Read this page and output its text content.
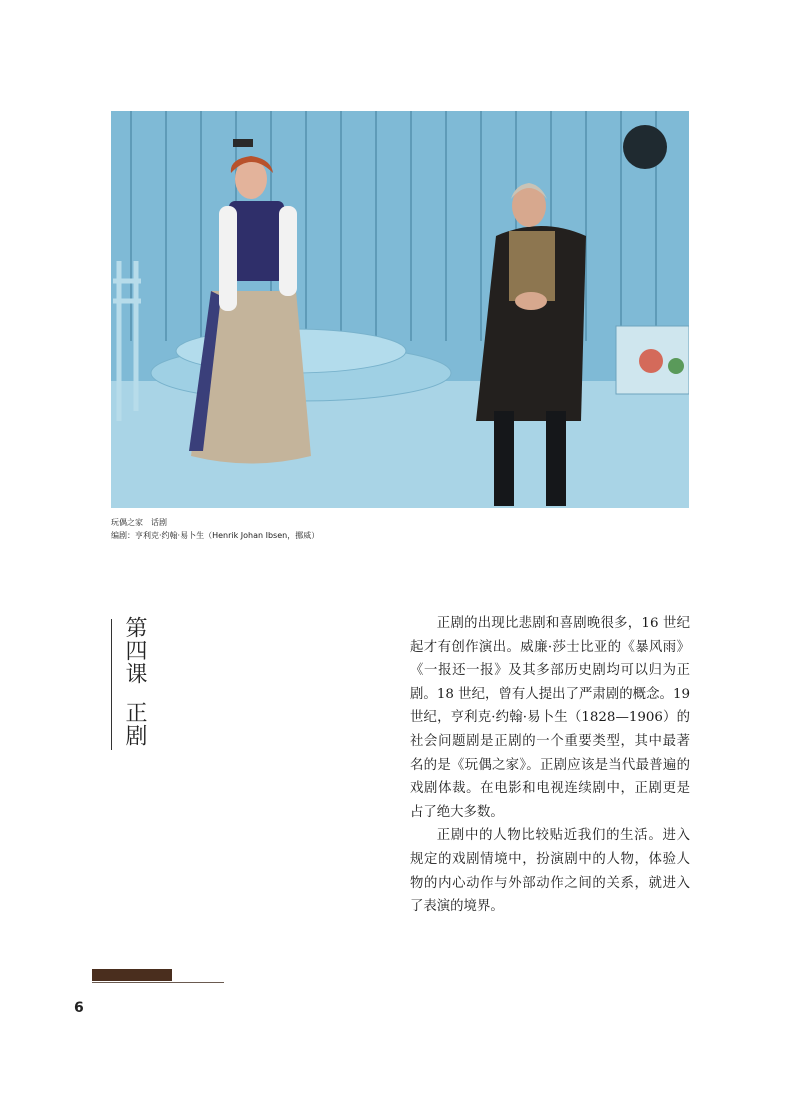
玩偶之家　话剧
编剧：亨利克·约翰·易卜生（Henrik Johan Ibsen，挪威）
第四课正剧

正剧的出现比悲剧和喜剧晚很多，16 世纪起才有创作演出。威廉·莎士比亚的《暴风雨》《一报还一报》及其多部历史剧均可以归为正剧。18 世纪，曾有人提出了严肃剧的概念。19 世纪，亨利克·约翰·易卜生（1828—1906）的社会问题剧是正剧的一个重要类型，其中最著名的是《玩偶之家》。正剧应该是当代最普遍的戏剧体裁。在电影和电视连续剧中，正剧更是占了绝大多数。

正剧中的人物比较贴近我们的生活。进入规定的戏剧情境中，扮演剧中的人物，体验人物的内心动作与外部动作之间的关系，就进入了表演的境界。

6
